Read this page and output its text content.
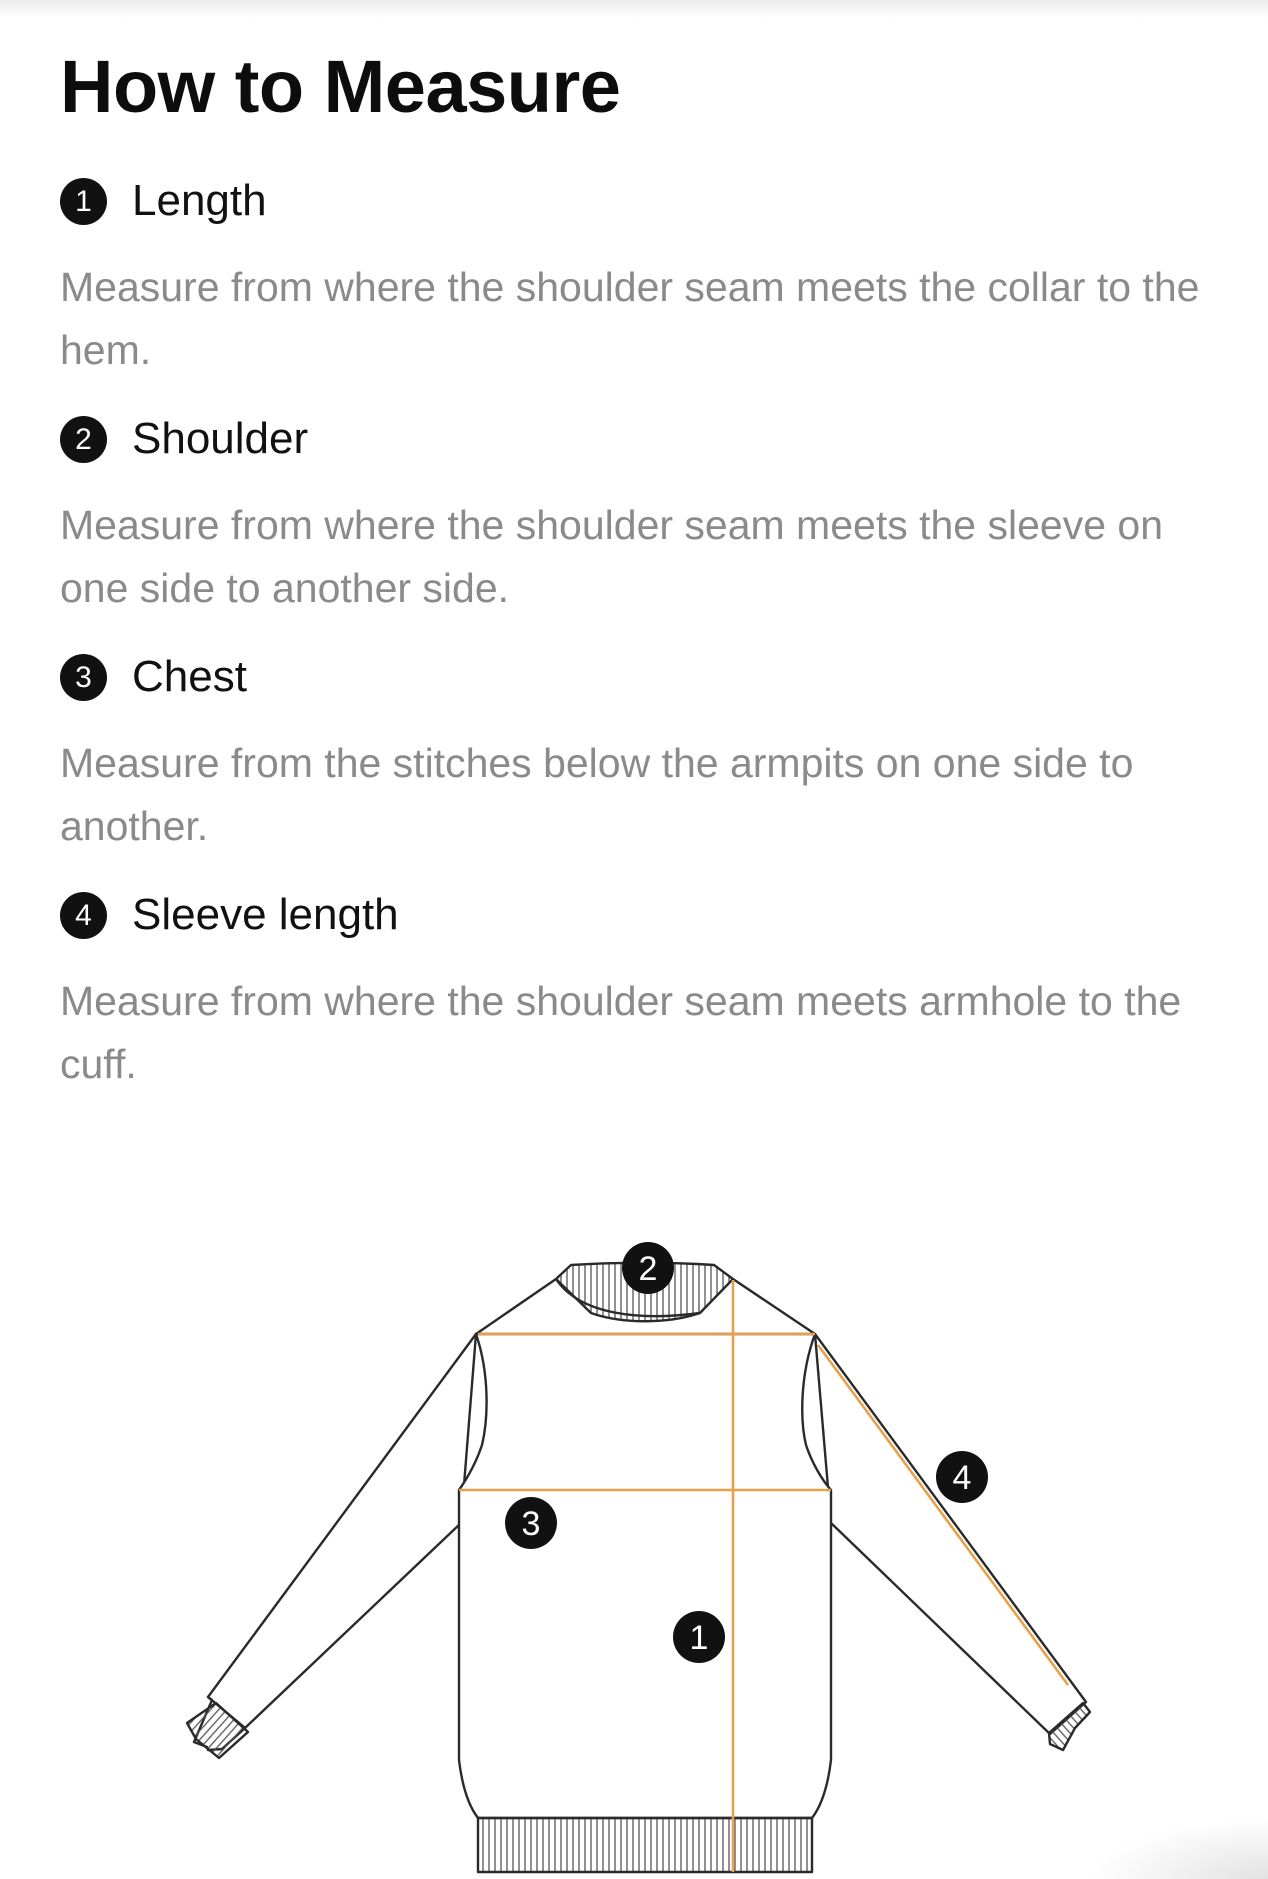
How to Measure
1 Length
Measure from where the shoulder seam meets the collar to the hem.
2 Shoulder
Measure from where the shoulder seam meets the sleeve on one side to another side.
3 Chest
Measure from the stitches below the armpits on one side to another.
4 Sleeve length
Measure from where the shoulder seam meets armhole to the cuff.
2
3
1
4
